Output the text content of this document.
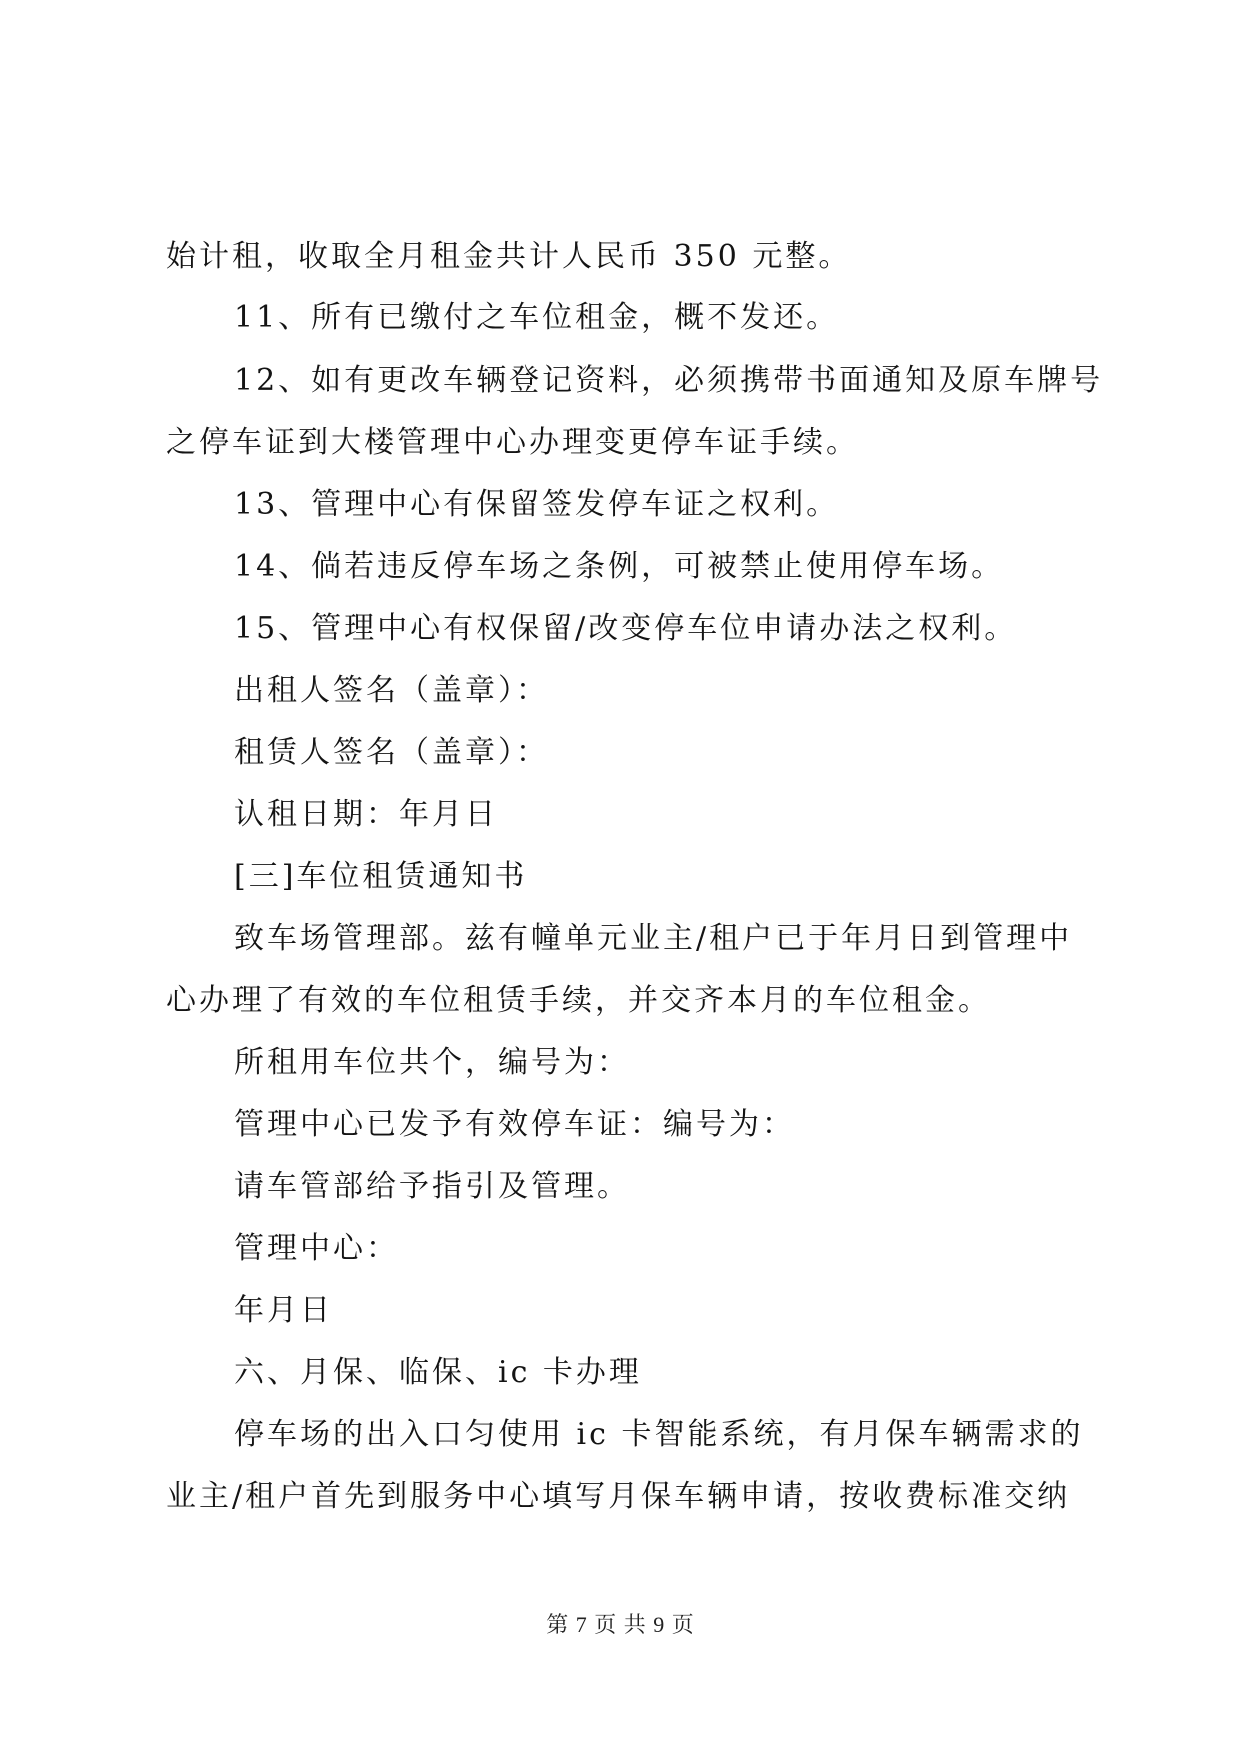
始计租，收取全月租金共计人民币 350 元整。
11、所有已缴付之车位租金，概不发还。
12、如有更改车辆登记资料，必须携带书面通知及原车牌号
之停车证到大楼管理中心办理变更停车证手续。
13、管理中心有保留签发停车证之权利。
14、倘若违反停车场之条例，可被禁止使用停车场。
15、管理中心有权保留/改变停车位申请办法之权利。
出租人签名（盖章）：
租赁人签名（盖章）：
认租日期：年月日
[三]车位租赁通知书
致车场管理部。兹有幢单元业主/租户已于年月日到管理中
心办理了有效的车位租赁手续，并交齐本月的车位租金。
所租用车位共个，编号为：
管理中心已发予有效停车证：编号为：
请车管部给予指引及管理。
管理中心：
年月日
六、月保、临保、ic 卡办理
停车场的出入口匀使用 ic 卡智能系统，有月保车辆需求的
业主/租户首先到服务中心填写月保车辆申请，按收费标准交纳
第 7 页 共 9 页
